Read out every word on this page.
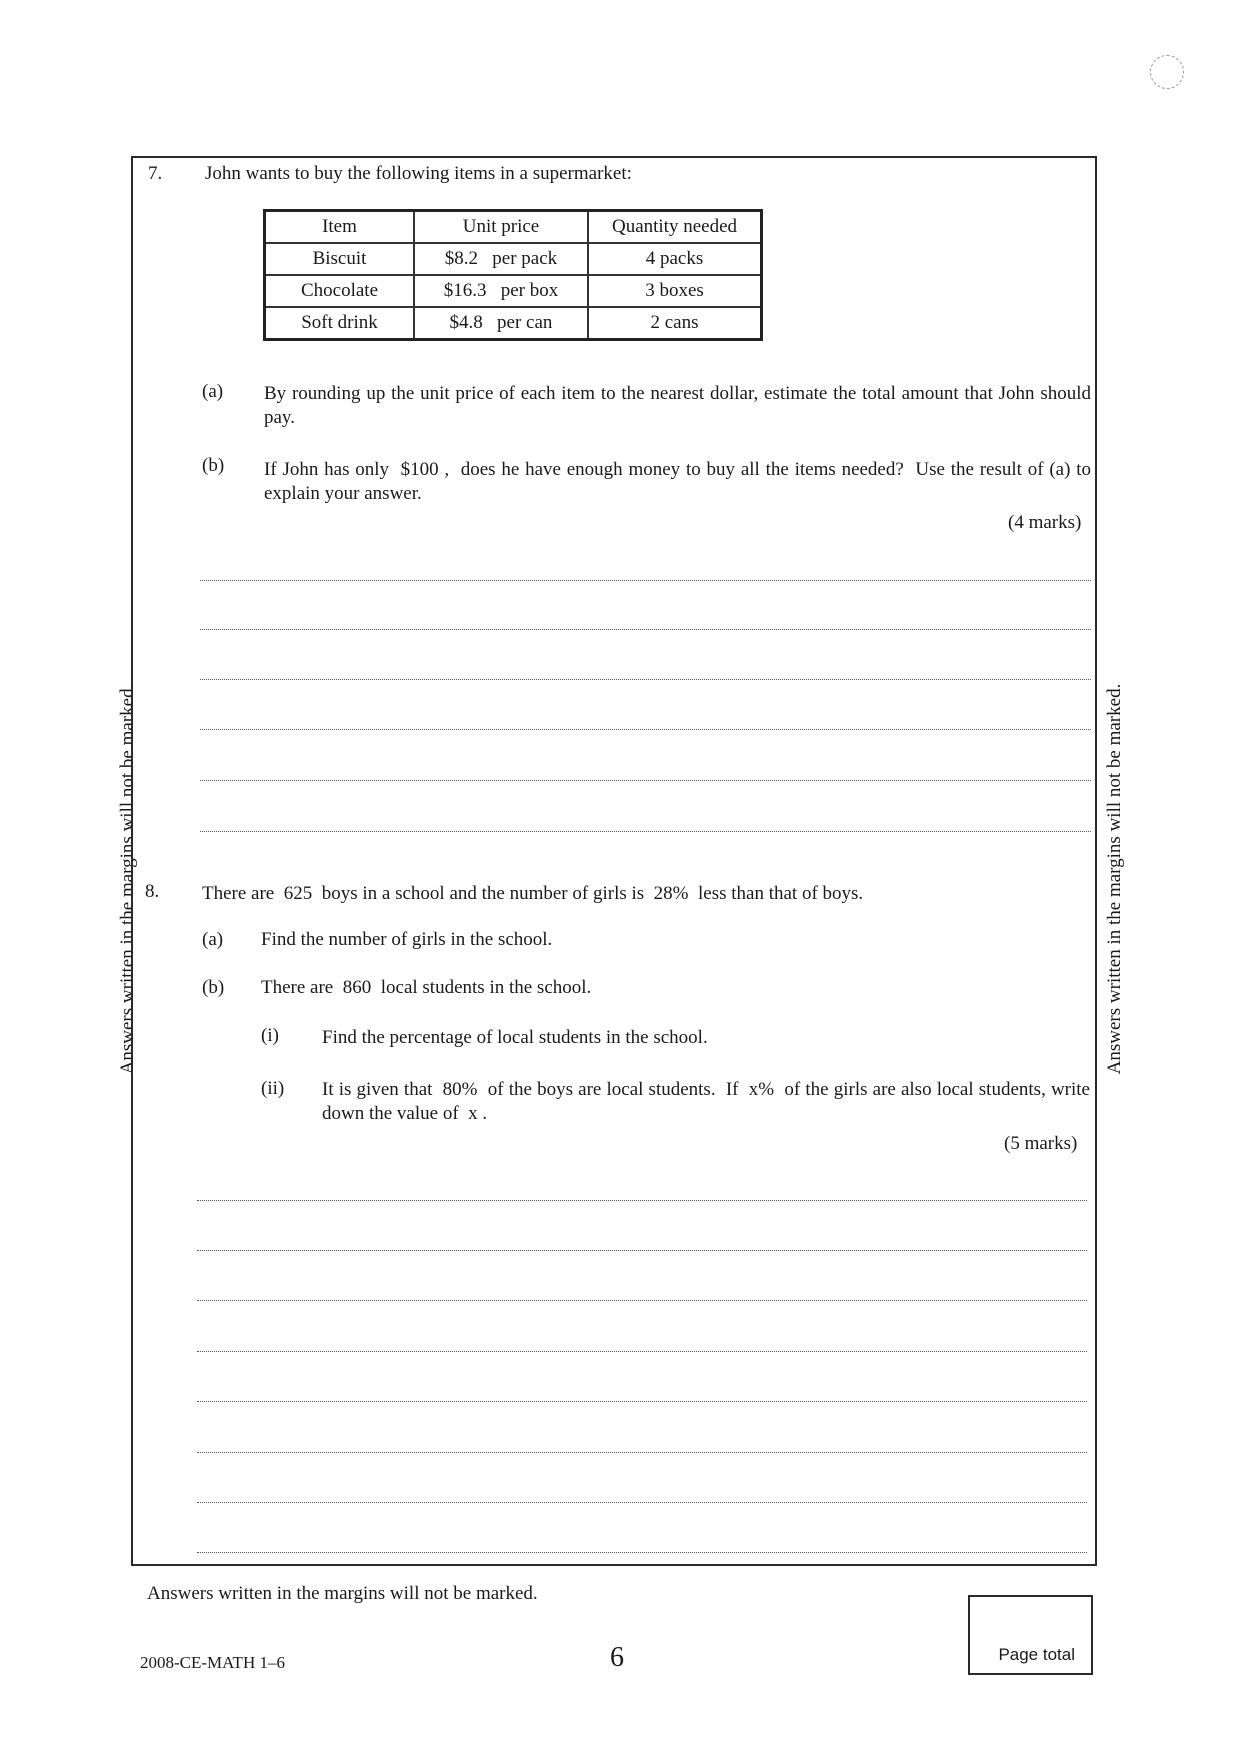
Answers written in the margins will not be marked.	Answers written in the margins will not be marked.
7. John wants to buy the following items in a supermarket:
Item	Unit price	Quantity needed
Biscuit	$8.2   per pack	4 packs
Chocolate	$16.3   per box	3 boxes
Soft drink	$4.8   per can	2 cans
(a) By rounding up the unit price of each item to the nearest dollar, estimate the total amount that John should pay.
(b) If John has only  $100 ,  does he have enough money to buy all the items needed?  Use the result of (a) to explain your answer.
(4 marks)
8. There are  625  boys in a school and the number of girls is  28%  less than that of boys.
(a) Find the number of girls in the school.
(b) There are  860  local students in the school.
(i) Find the percentage of local students in the school.
(ii) It is given that  80%  of the boys are local students.  If  x%  of the girls are also local students, write down the value of  x .
(5 marks)
Answers written in the margins will not be marked.
2008-CE-MATH 1–6	6	Page total
